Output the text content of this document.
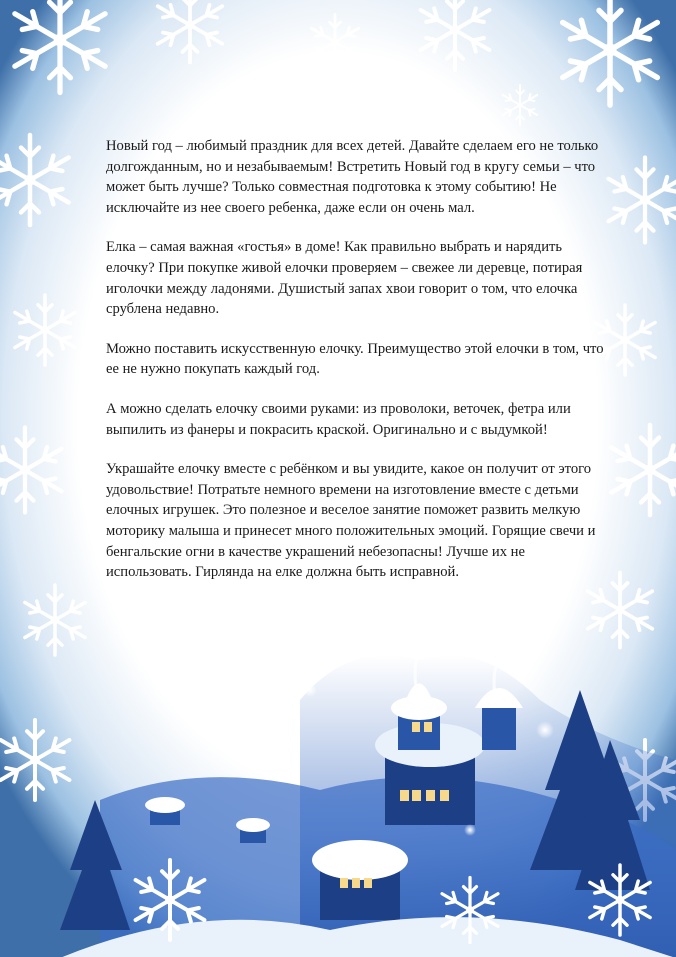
Новый год – любимый праздник для всех детей. Давайте сделаем его не только долгожданным, но и незабываемым! Встретить Новый год в кругу семьи – что может быть лучше? Только совместная подготовка к этому событию! Не исключайте из нее своего ребенка, даже если он очень мал.

Елка – самая важная «гостья» в доме! Как правильно выбрать и нарядить елочку? При покупке живой елочки проверяем – свежее ли деревце, потирая иголочки между ладонями. Душистый запах хвои говорит о том, что елочка срублена недавно.

Можно поставить искусственную елочку. Преимущество этой елочки в том, что ее не нужно покупать каждый год.

А можно сделать елочку своими руками: из проволоки, веточек, фетра или выпилить из фанеры и покрасить краской. Оригинально и с выдумкой!

Украшайте елочку вместе с ребёнком и вы увидите, какое он получит от этого удовольствие! Потратьте немного времени на изготовление вместе с детьми елочных игрушек. Это полезное и веселое занятие поможет развить мелкую моторику малыша и принесет много положительных эмоций. Горящие свечи и бенгальские огни в качестве украшений небезопасны! Лучше их не использовать. Гирлянда на елке должна быть исправной.
